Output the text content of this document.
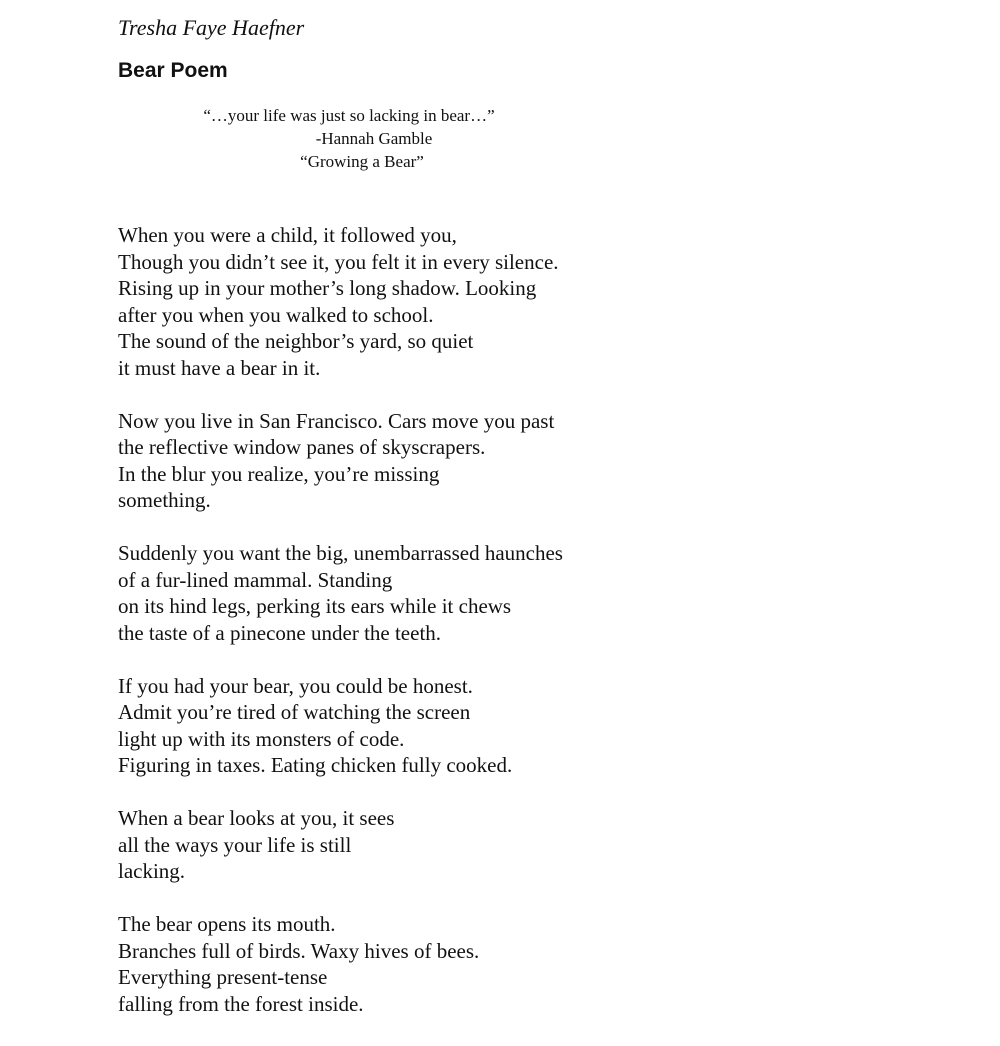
Tresha Faye Haefner

Bear Poem
“…your life was just so lacking in bear…”
-Hannah Gamble
“Growing a Bear”
When you were a child, it followed you,
Though you didn’t see it, you felt it in every silence.
Rising up in your mother’s long shadow. Looking
after you when you walked to school.
The sound of the neighbor’s yard, so quiet
it must have a bear in it.
Now you live in San Francisco. Cars move you past
the reflective window panes of skyscrapers.
In the blur you realize, you’re missing
something.
Suddenly you want the big, unembarrassed haunches
of a fur-lined mammal. Standing
on its hind legs, perking its ears while it chews
the taste of a pinecone under the teeth.
If you had your bear, you could be honest.
Admit you’re tired of watching the screen
light up with its monsters of code.
Figuring in taxes. Eating chicken fully cooked.
When a bear looks at you, it sees
all the ways your life is still
lacking.
The bear opens its mouth.
Branches full of birds. Waxy hives of bees.
Everything present-tense
falling from the forest inside.
